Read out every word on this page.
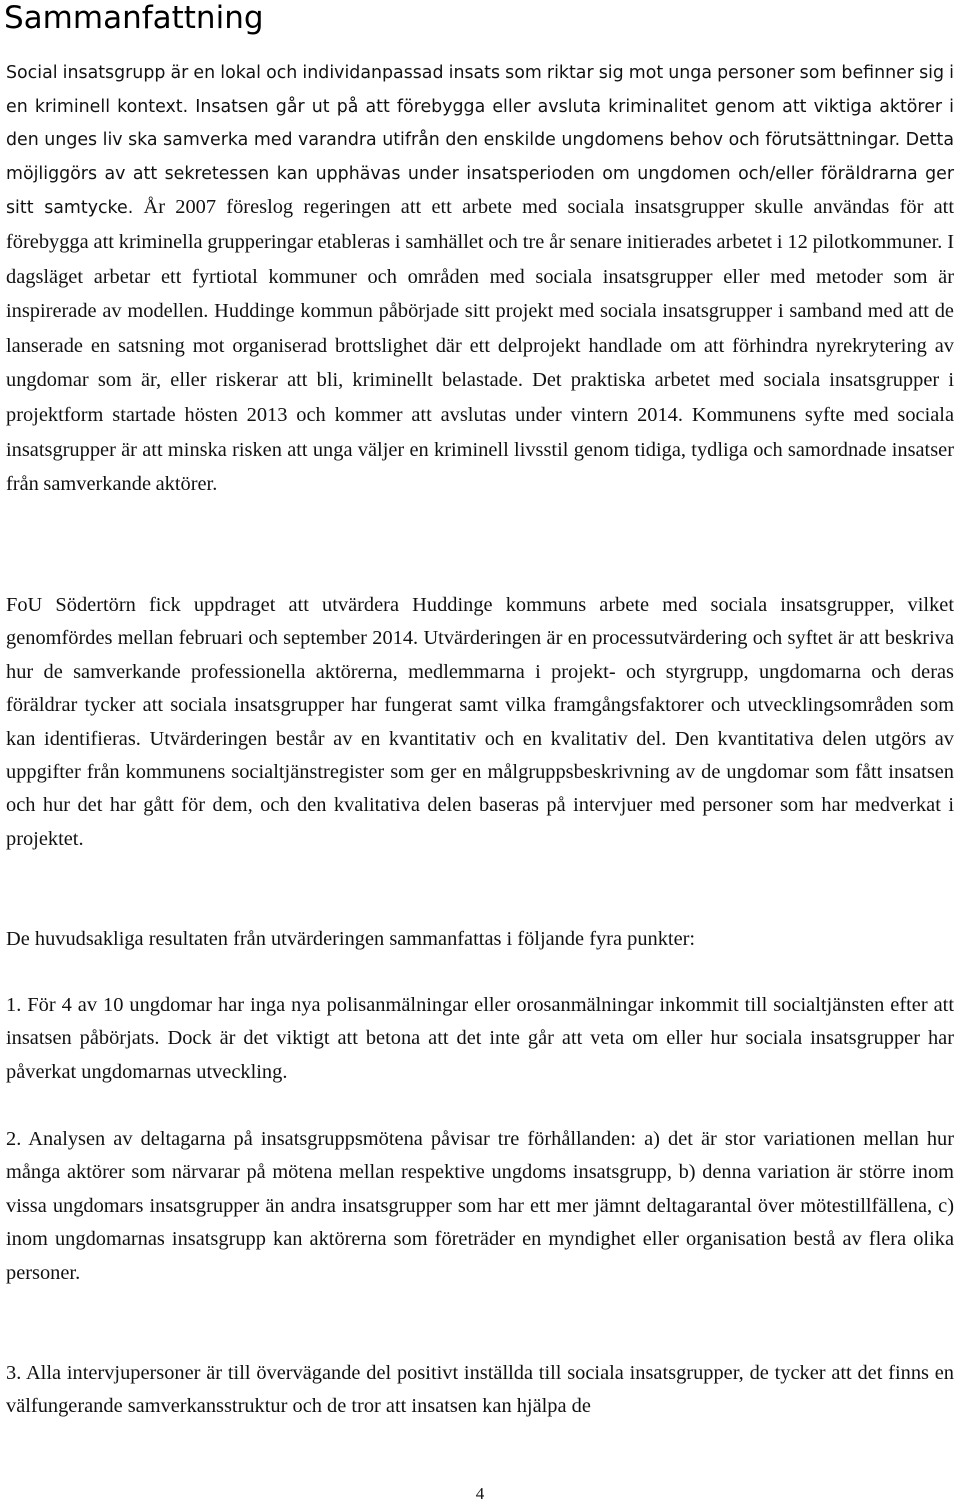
Sammanfattning

Social insatsgrupp är en lokal och individanpassad insats som riktar sig mot unga personer som befinner sig i en kriminell kontext. Insatsen går ut på att förebygga eller avsluta kriminalitet genom att viktiga aktörer i den unges liv ska samverka med varandra utifrån den enskilde ungdomens behov och förutsättningar. Detta möjliggörs av att sekretessen kan upphävas under insatsperioden om ungdomen och/eller föräldrarna ger sitt samtycke. År 2007 föreslog regeringen att ett arbete med sociala insatsgrupper skulle användas för att förebygga att kriminella grupperingar etableras i samhället och tre år senare initierades arbetet i 12 pilotkommuner. I dagsläget arbetar ett fyrtiotal kommuner och områden med sociala insatsgrupper eller med metoder som är inspirerade av modellen. Huddinge kommun påbörjade sitt projekt med sociala insatsgrupper i samband med att de lanserade en satsning mot organiserad brottslighet där ett delprojekt handlade om att förhindra nyrekrytering av ungdomar som är, eller riskerar att bli, kriminellt belastade. Det praktiska arbetet med sociala insatsgrupper i projektform startade hösten 2013 och kommer att avslutas under vintern 2014. Kommunens syfte med sociala insatsgrupper är att minska risken att unga väljer en kriminell livsstil genom tidiga, tydliga och samordnade insatser från samverkande aktörer.

FoU Södertörn fick uppdraget att utvärdera Huddinge kommuns arbete med sociala insatsgrupper, vilket genomfördes mellan februari och september 2014. Utvärderingen är en processutvärdering och syftet är att beskriva hur de samverkande professionella aktörerna, medlemmarna i projekt- och styrgrupp, ungdomarna och deras föräldrar tycker att sociala insatsgrupper har fungerat samt vilka framgångsfaktorer och utvecklingsområden som kan identifieras. Utvärderingen består av en kvantitativ och en kvalitativ del. Den kvantitativa delen utgörs av uppgifter från kommunens socialtjänstregister som ger en målgruppsbeskrivning av de ungdomar som fått insatsen och hur det har gått för dem, och den kvalitativa delen baseras på intervjuer med personer som har medverkat i projektet.

De huvudsakliga resultaten från utvärderingen sammanfattas i följande fyra punkter:

1. För 4 av 10 ungdomar har inga nya polisanmälningar eller orosanmälningar inkommit till socialtjänsten efter att insatsen påbörjats. Dock är det viktigt att betona att det inte går att veta om eller hur sociala insatsgrupper har påverkat ungdomarnas utveckling.

2. Analysen av deltagarna på insatsgruppsmötena påvisar tre förhållanden: a) det är stor variationen mellan hur många aktörer som närvarar på mötena mellan respektive ungdoms insatsgrupp, b) denna variation är större inom vissa ungdomars insatsgrupper än andra insatsgrupper som har ett mer jämnt deltagarantal över mötestillfällena, c) inom ungdomarnas insatsgrupp kan aktörerna som företräder en myndighet eller organisation bestå av flera olika personer.

3. Alla intervjupersoner är till övervägande del positivt inställda till sociala insatsgrupper, de tycker att det finns en välfungerande samverkansstruktur och de tror att insatsen kan hjälpa de

4
